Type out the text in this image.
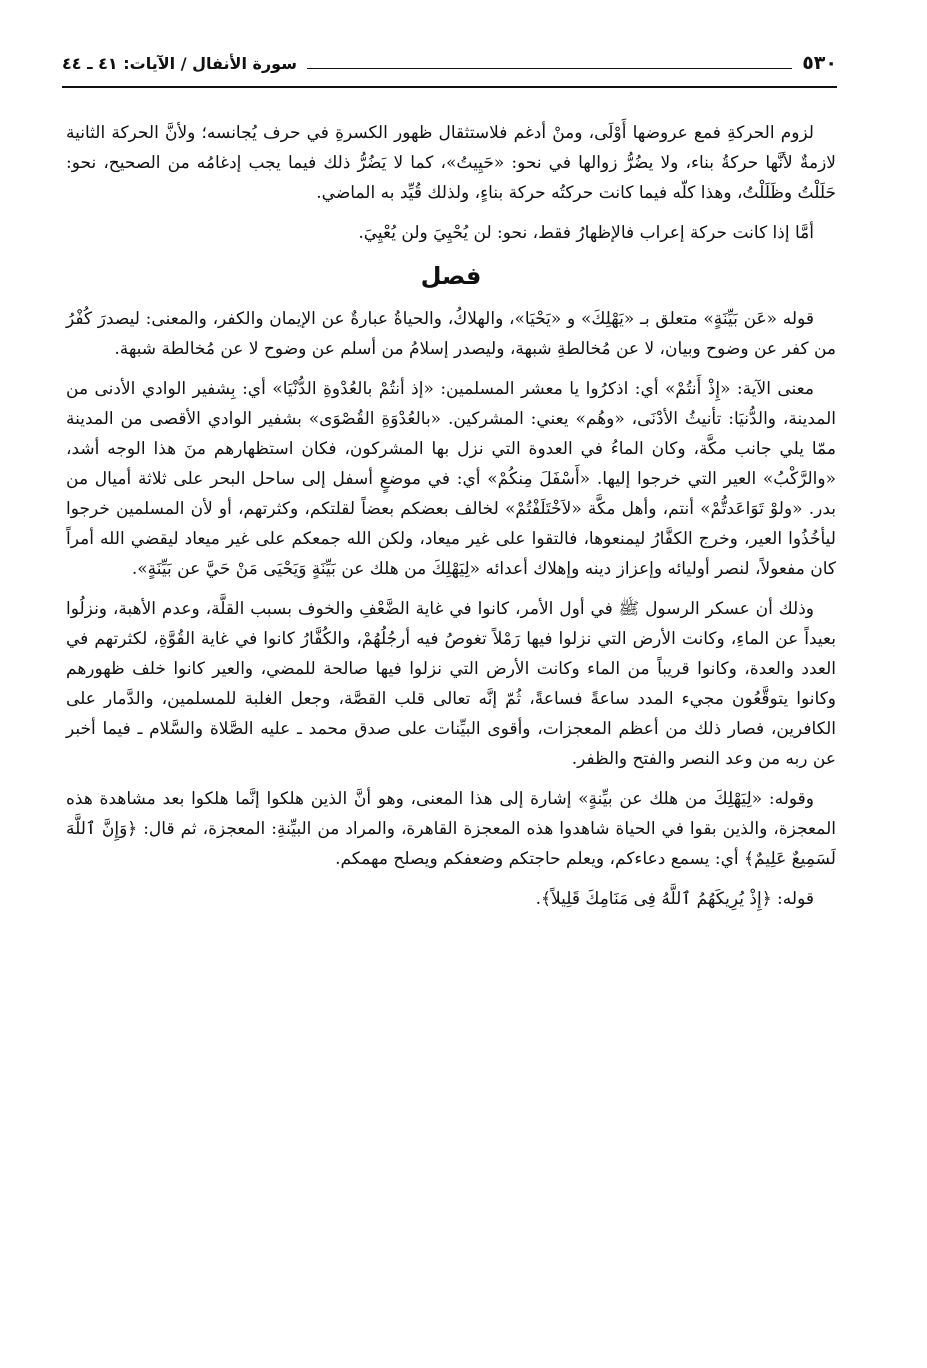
٥٣٠
سورة الأنفال / الآيات: ٤١ ـ ٤٤

لزوم الحركةِ فمع عروضها أَوْلَى، ومنْ أدغم فلاستثقال ظهور الكسرةِ في حرف يُجانسه؛ ولأنَّ الحركة الثانية لازمةٌ لأنَّها حركةُ بناء، ولا يضُرُّ زوالها في نحو: «حَيِيتُ»، كما لا يَضُرُّ ذلك فيما يجب إدغامُه من الصحيح، نحو: حَلَلْتُ وظَلَلْتُ، وهذا كلّه فيما كانت حركتُه حركة بناءٍ، ولذلك قُيِّد به الماضي.

أمَّا إذا كانت حركة إعراب فالإظهارُ فقط، نحو: لن يُحْيِيَ ولن يُعْيِيَ.

فصل

قوله «عَن بَيِّنَةٍ» متعلق بـ «يَهْلِكَ» و «يَحْيَا»، والهلاكُ، والحياةُ عبارةٌ عن الإيمان والكفر، والمعنى: ليصدرَ كُفْرُ من كفر عن وضوح وبيان، لا عن مُخالطةِ شبهة، وليصدر إسلامُ من أسلم عن وضوح لا عن مُخالطة شبهة.

معنى الآية: «إِذْ أَنتُمْ» أي: اذكرُوا يا معشر المسلمين: «إذ أنتُمْ بالعُدْوةِ الدُّنْيَا» أي: بِشفير الوادي الأدنى من المدينة، والدُّنيَا: تأنيثُ الأدْنَى، «وهُم» يعني: المشركين. «بالعُدْوَةِ القُصْوَى» بشفير الوادي الأقصى من المدينة ممّا يلي جانب مكَّة، وكان الماءُ في العدوة التي نزل بها المشركون، فكان استظهارهم منَ هذا الوجه أشد، «والرَّكْبُ» العير التي خرجوا إليها. «أَسْفَلَ مِنكُمْ» أي: في موضعٍ أسفل إلى ساحل البحر على ثلاثة أميال من بدر. «ولوْ تَوَاعَدتُّمْ» أنتم، وأهل مكَّة «لاَخْتَلَفْتُمْ» لخالف بعضكم بعضاً لقلتكم، وكثرتهم، أو لأن المسلمين خرجوا ليأخُذُوا العير، وخرج الكفَّارُ ليمنعوها، فالتقوا على غير ميعاد، ولكن الله جمعكم على غير ميعاد ليقضي الله أمراً كان مفعولاً، لنصر أوليائه وإعزاز دينه وإهلاك أعدائه «لِيَهْلِكَ من هلك عن بَيِّنَةٍ وَيَحْيَى مَنْ حَيَّ عن بَيِّنَةٍ».

وذلك أن عسكر الرسول ﷺ في أول الأمر، كانوا في غاية الضَّعْفِ والخوف بسبب القلَّة، وعدم الأهبة، ونزلُوا بعيداً عن الماءِ، وكانت الأرض التي نزلوا فيها رَمْلاً تغوصُ فيه أرجُلُهُمْ، والكُفَّارُ كانوا في غاية القُوَّةِ، لكثرتهم في العدد والعدة، وكانوا قريباً من الماء وكانت الأرض التي نزلوا فيها صالحة للمضي، والعير كانوا خلف ظهورهم وكانوا يتوقَّعُون مجيء المدد ساعةً فساعةً، ثُمّ إنَّه تعالى قلب القصَّة، وجعل الغلبة للمسلمين، والدَّمار على الكافرين، فصار ذلك من أعظم المعجزات، وأقوى البيِّنات على صدق محمد ـ عليه الصَّلاة والسَّلام ـ فيما أخبر عن ربه من وعد النصر والفتح والظفر.

وقوله: «لِيَهْلِكَ من هلك عن بيِّنةٍ» إشارة إلى هذا المعنى، وهو أنَّ الذين هلكوا إنَّما هلكوا بعد مشاهدة هذه المعجزة، والذين بقوا في الحياة شاهدوا هذه المعجزة القاهرة، والمراد من البيِّنةِ: المعجزة، ثم قال: ﴿وَإِنَّ ٱللَّهَ لَسَمِيعٌ عَلِيمٌ﴾ أي: يسمع دعاءكم، ويعلم حاجتكم وضعفكم ويصلح مهمكم.

قوله: ﴿إِذْ يُرِيكَهُمُ ٱللَّهُ فِى مَنَامِكَ قَلِيلاً﴾.
